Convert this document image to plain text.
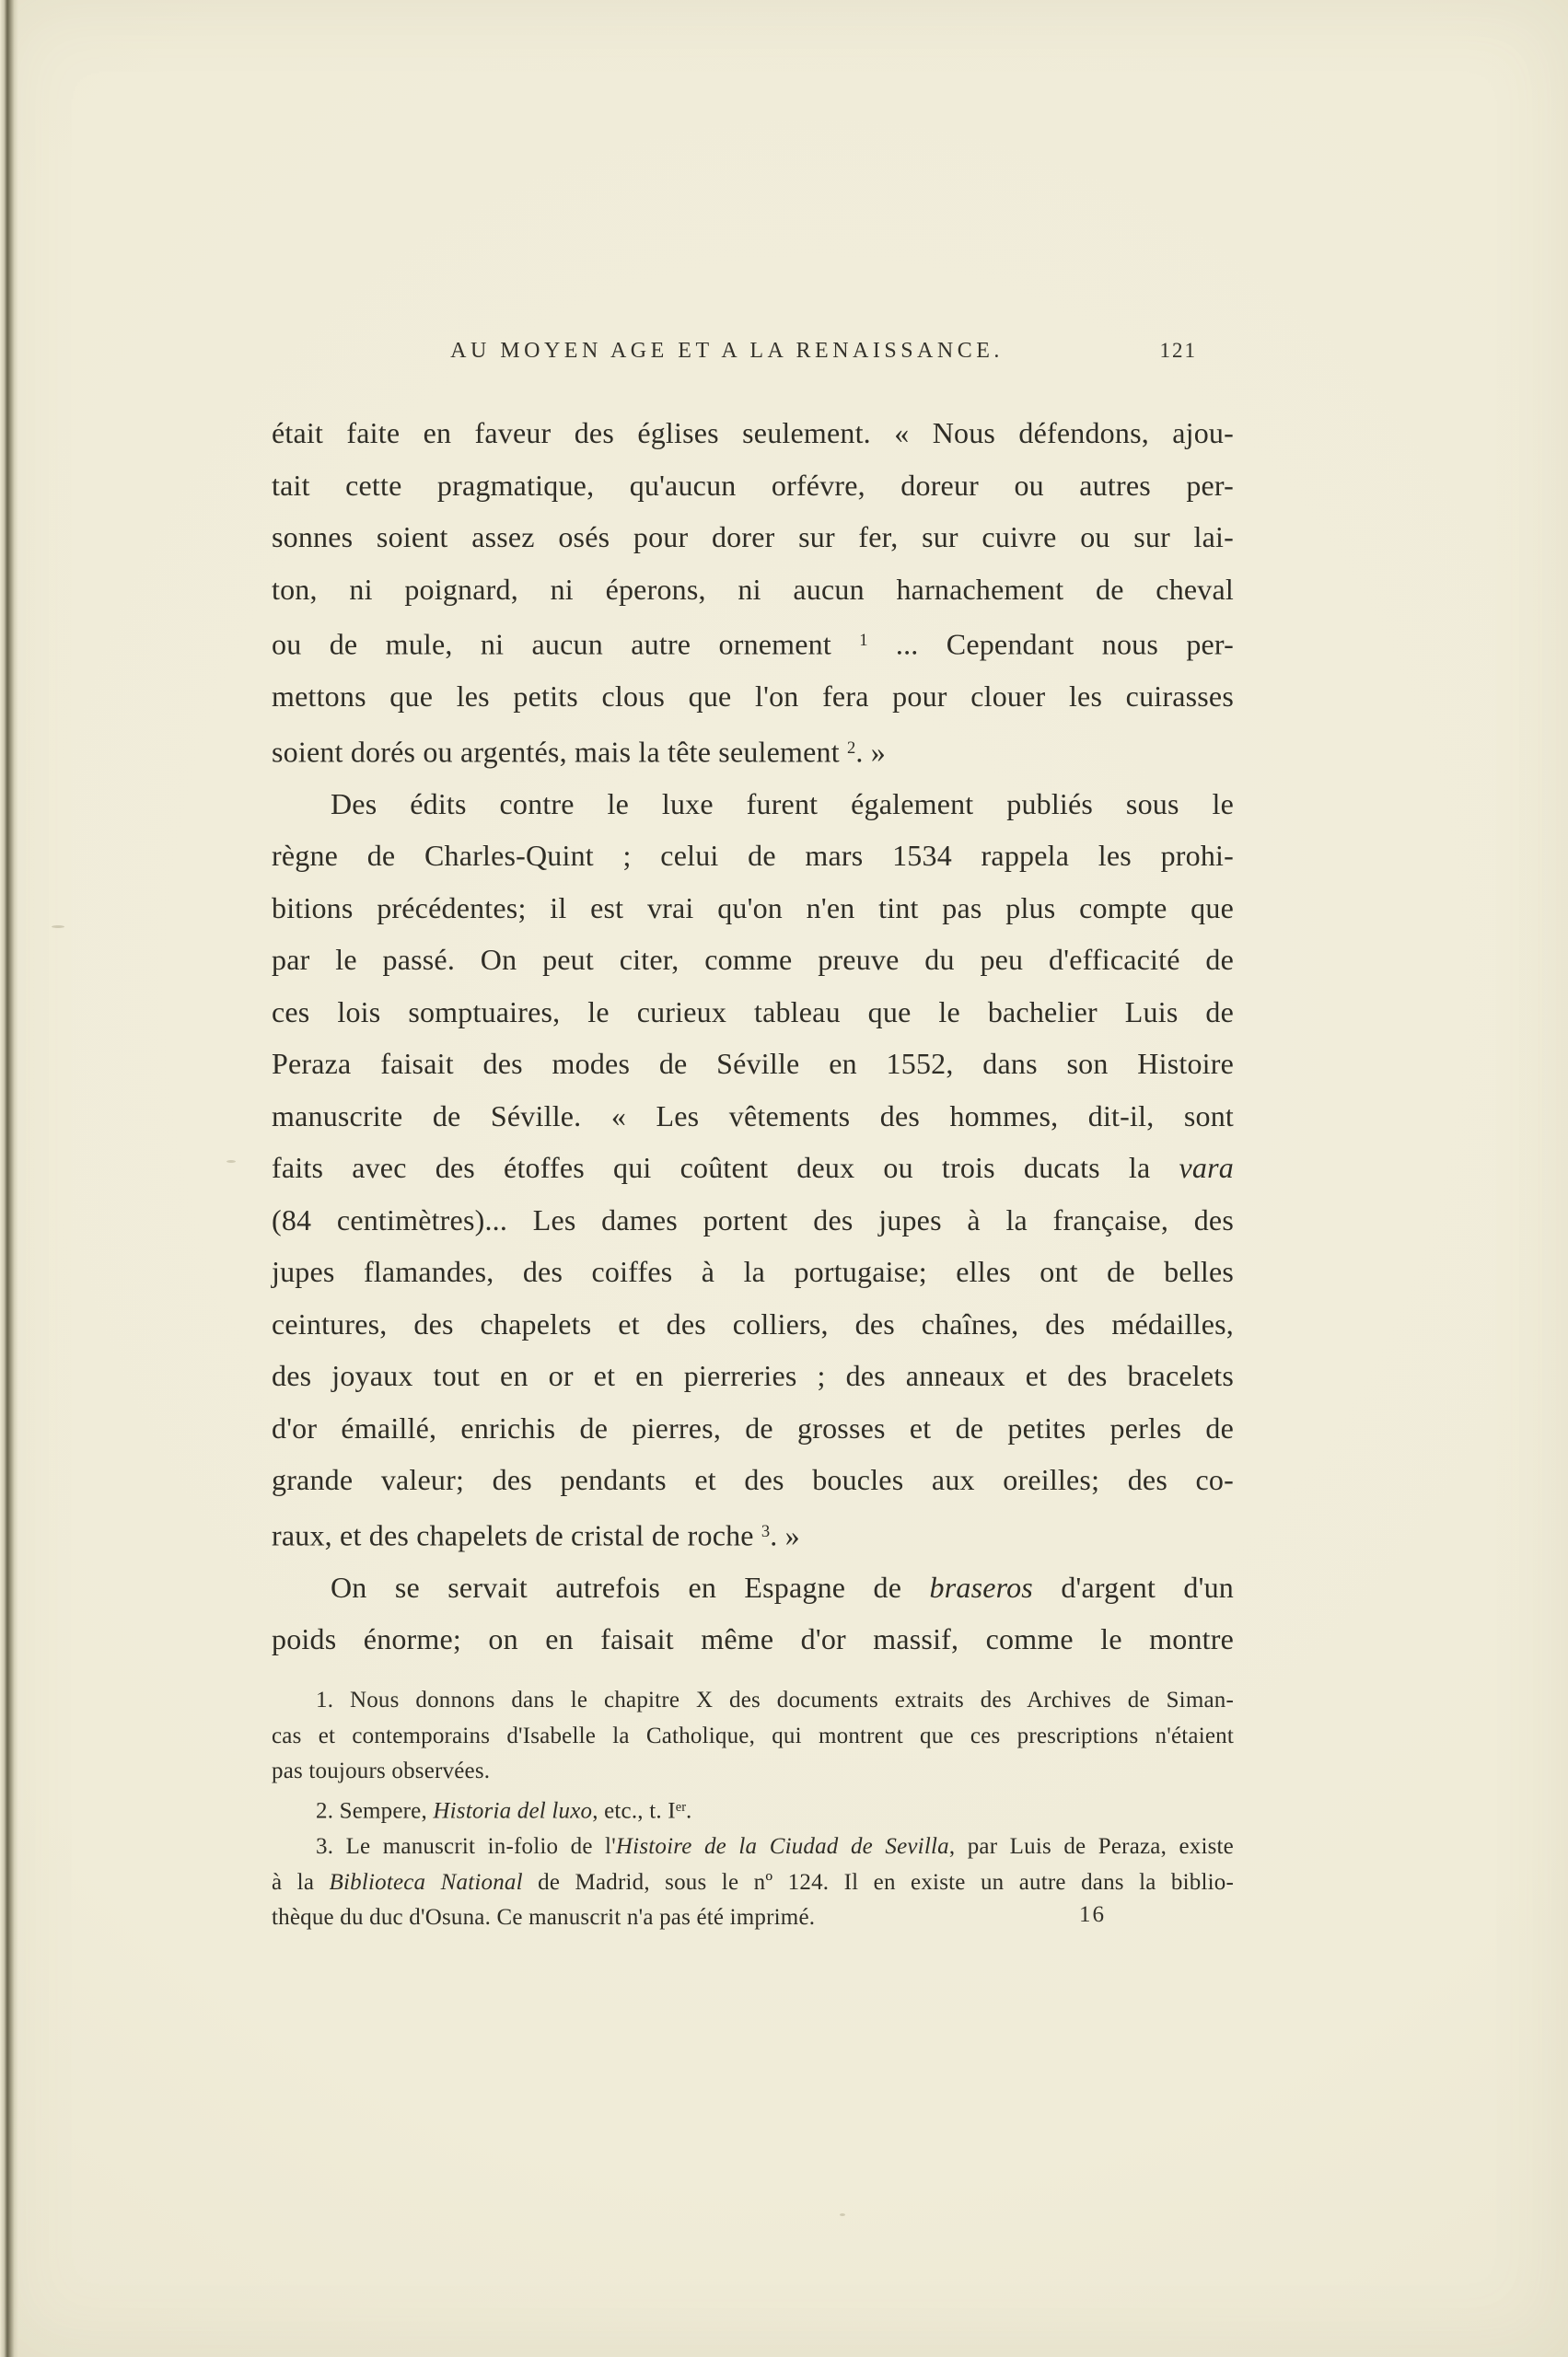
AU MOYEN AGE ET A LA RENAISSANCE.	121
était faite en faveur des églises seulement. « Nous défendons, ajou-
tait cette pragmatique, qu'aucun orfévre, doreur ou autres per-
sonnes soient assez osés pour dorer sur fer, sur cuivre ou sur lai-
ton, ni poignard, ni éperons, ni aucun harnachement de cheval
ou de mule, ni aucun autre ornement $^1$ ... Cependant nous per-
mettons que les petits clous que l'on fera pour clouer les cuirasses
soient dorés ou argentés, mais la tête seulement $^2$. »
Des édits contre le luxe furent également publiés sous le
règne de Charles-Quint ; celui de mars 1534 rappela les prohi-
bitions précédentes; il est vrai qu'on n'en tint pas plus compte que
par le passé. On peut citer, comme preuve du peu d'efficacité de
ces lois somptuaires, le curieux tableau que le bachelier Luis de
Peraza faisait des modes de Séville en 1552, dans son Histoire
manuscrite de Séville. « Les vêtements des hommes, dit-il, sont
faits avec des étoffes qui coûtent deux ou trois ducats la vara
(84 centimètres)... Les dames portent des jupes à la française, des
jupes flamandes, des coiffes à la portugaise; elles ont de belles
ceintures, des chapelets et des colliers, des chaînes, des médailles,
des joyaux tout en or et en pierreries ; des anneaux et des bracelets
d'or émaillé, enrichis de pierres, de grosses et de petites perles de
grande valeur; des pendants et des boucles aux oreilles; des co-
raux, et des chapelets de cristal de roche $^3$. »
On se servait autrefois en Espagne de braseros d'argent d'un
poids énorme; on en faisait même d'or massif, comme le montre
1. Nous donnons dans le chapitre X des documents extraits des Archives de Siman-
cas et contemporains d'Isabelle la Catholique, qui montrent que ces prescriptions n'étaient
pas toujours observées.
2. Sempere, Historia del luxo, etc., t. Ier.
3. Le manuscrit in-folio de l'Histoire de la Ciudad de Sevilla, par Luis de Peraza, existe
à la Biblioteca National de Madrid, sous le nº 124. Il en existe un autre dans la biblio-
thèque du duc d'Osuna. Ce manuscrit n'a pas été imprimé.	16
